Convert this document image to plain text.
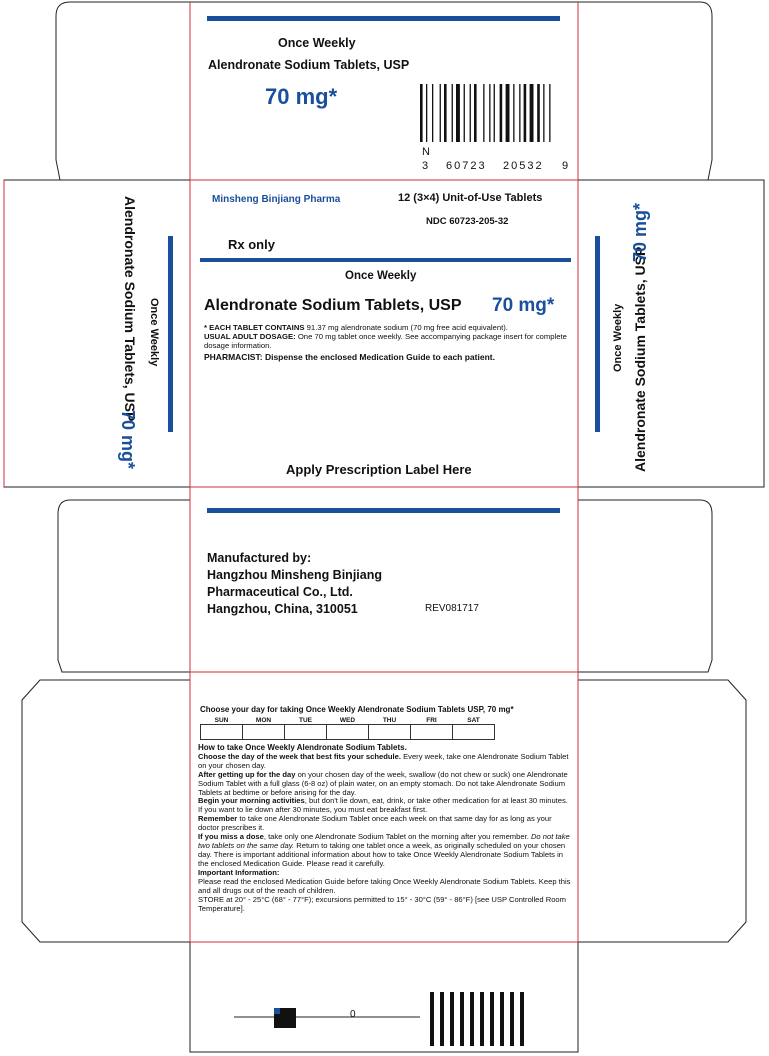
N
3 60723 20532 9
0
Once Weekly
Alendronate Sodium Tablets, USP
70 mg*
Minsheng Binjiang Pharma	12 (3×4) Unit-of-Use Tablets
NDC 60723-205-32
Rx only
Once Weekly
Alendronate Sodium Tablets, USP 70 mg*
* EACH TABLET CONTAINS 91.37 mg alendronate sodium (70 mg free acid equivalent).
USUAL ADULT DOSAGE: One 70 mg tablet once weekly. See accompanying package insert for complete dosage information.
PHARMACIST: Dispense the enclosed Medication Guide to each patient.
Apply Prescription Label Here
Once Weekly
Alendronate Sodium Tablets, USP
70 mg*
Once Weekly Alendronate Sodium Tablets, USP
70 mg*
Manufactured by:
Hangzhou Minsheng Binjiang
Pharmaceutical Co., Ltd.
Hangzhou, China, 310051	REV081717
Choose your day for taking Once Weekly Alendronate Sodium Tablets USP, 70 mg*
SUN	MON	TUE	WED	THU	FRI	SAT

How to take Once Weekly Alendronate Sodium Tablets.
Choose the day of the week that best fits your schedule. Every week, take one Alendronate Sodium Tablet on your chosen day.
After getting up for the day on your chosen day of the week, swallow (do not chew or suck) one Alendronate Sodium Tablet with a full glass (6-8 oz) of plain water, on an empty stomach. Do not take Alendronate Sodium Tablets at bedtime or before arising for the day.
Begin your morning activities, but don't lie down, eat, drink, or take other medication for at least 30 minutes. If you want to lie down after 30 minutes, you must eat breakfast first.
Remember to take one Alendronate Sodium Tablet once each week on that same day for as long as your doctor prescribes it.
If you miss a dose, take only one Alendronate Sodium Tablet on the morning after you remember. Do not take two tablets on the same day. Return to taking one tablet once a week, as originally scheduled on your chosen day. There is important additional information about how to take Once Weekly Alendronate Sodium Tablets in the enclosed Medication Guide. Please read it carefully.
Important Information:
Please read the enclosed Medication Guide before taking Once Weekly Alendronate Sodium Tablets. Keep this and all drugs out of the reach of children.
STORE at 20° - 25°C (68° - 77°F); excursions permitted to 15° - 30°C (59° - 86°F) [see USP Controlled Room Temperature].
